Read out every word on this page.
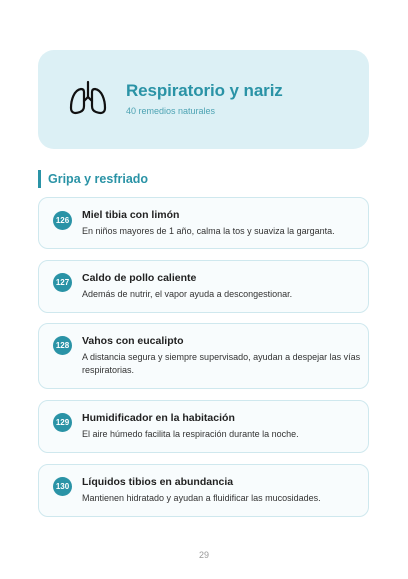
Respiratorio y nariz
40 remedios naturales
Gripa y resfriado
126 Miel tibia con limón
En niños mayores de 1 año, calma la tos y suaviza la garganta.
127 Caldo de pollo caliente
Además de nutrir, el vapor ayuda a descongestionar.
128 Vahos con eucalipto
A distancia segura y siempre supervisado, ayudan a despejar las vías respiratorias.
129 Humidificador en la habitación
El aire húmedo facilita la respiración durante la noche.
130 Líquidos tibios en abundancia
Mantienen hidratado y ayudan a fluidificar las mucosidades.
29
